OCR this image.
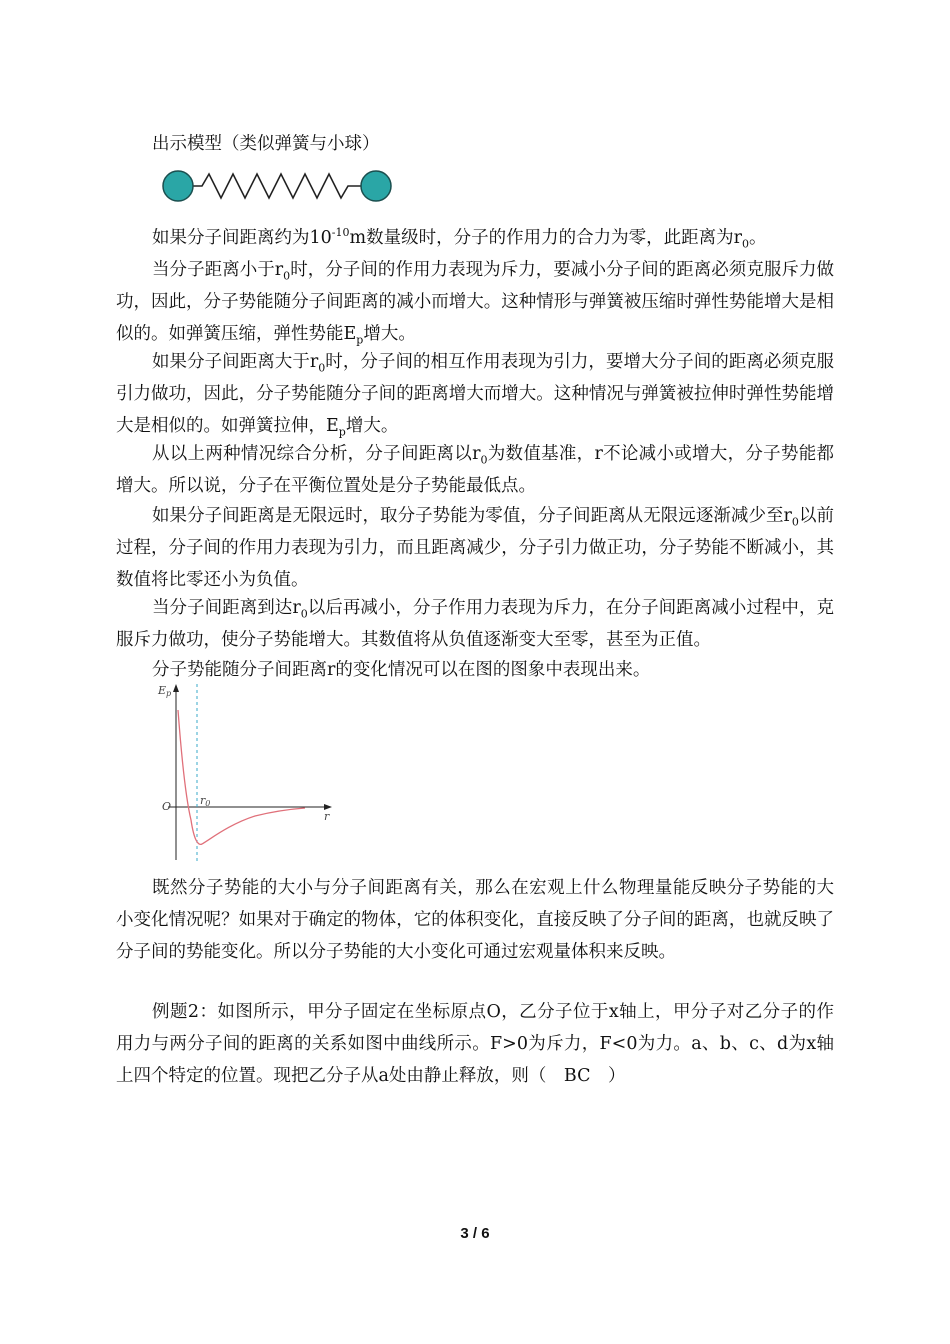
出示模型（类似弹簧与小球）

如果分子间距离约为$10^{-10}m$数量级时，分子的作用力的合力为零，此距离为$r_0$。

当分子距离小于$r_0$时，分子间的作用力表现为斥力，要减小分子间的距离必须克服斥力做功，因此，分子势能随分子间距离的减小而增大。这种情形与弹簧被压缩时弹性势能增大是相似的。如弹簧压缩，弹性势能$E_p$增大。

如果分子间距离大于$r_0$时，分子间的相互作用表现为引力，要增大分子间的距离必须克服引力做功，因此，分子势能随分子间的距离增大而增大。这种情况与弹簧被拉伸时弹性势能增大是相似的。如弹簧拉伸，$E_p$增大。

从以上两种情况综合分析，分子间距离以$r_0$为数值基准，r不论减小或增大，分子势能都增大。所以说，分子在平衡位置处是分子势能最低点。

如果分子间距离是无限远时，取分子势能为零值，分子间距离从无限远逐渐减少至$r_0$以前过程，分子间的作用力表现为引力，而且距离减少，分子引力做正功，分子势能不断减小，其数值将比零还小为负值。

当分子间距离到达$r_0$以后再减小，分子作用力表现为斥力，在分子间距离减小过程中，克服斥力做功，使分子势能增大。其数值将从负值逐渐变大至零，甚至为正值。

分子势能随分子间距离r的变化情况可以在图的图象中表现出来。

Ep
O
r
r0

既然分子势能的大小与分子间距离有关，那么在宏观上什么物理量能反映分子势能的大小变化情况呢？如果对于确定的物体，它的体积变化，直接反映了分子间的距离，也就反映了分子间的势能变化。所以分子势能的大小变化可通过宏观量体积来反映。

例题2：如图所示，甲分子固定在坐标原点O，乙分子位于x轴上，甲分子对乙分子的作用力与两分子间的距离的关系如图中曲线所示。F>0为斥力，F<0为力。a、b、c、d为x轴上四个特定的位置。现把乙分子从a处由静止释放，则（　BC　）

3 / 6
